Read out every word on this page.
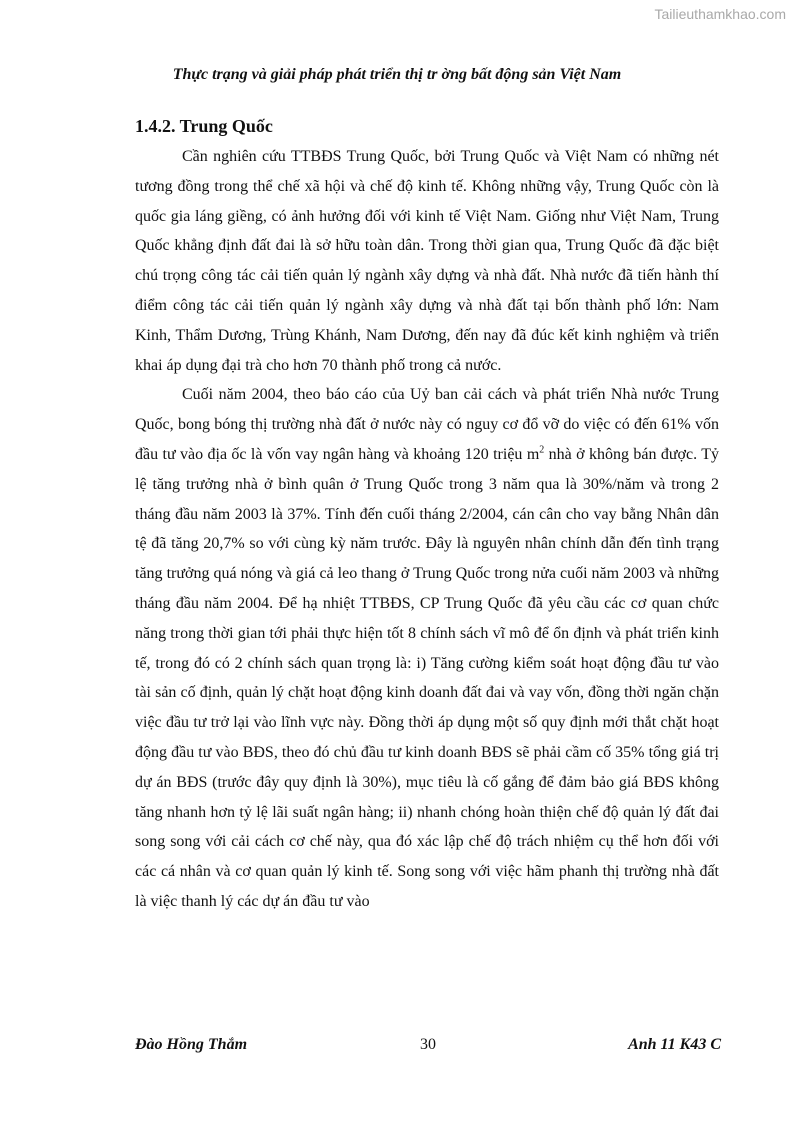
Tailieuthamkhao.com
Thực trạng và giải pháp phát triển thị tr ờng bất động sản Việt Nam
1.4.2. Trung Quốc

Cần nghiên cứu TTBĐS Trung Quốc, bởi Trung Quốc và Việt Nam có những nét tương đồng trong thể chế xã hội và chế độ kinh tế. Không những vậy, Trung Quốc còn là quốc gia láng giềng, có ảnh hưởng đối với kinh tế Việt Nam. Giống như Việt Nam, Trung Quốc khẳng định đất đai là sở hữu toàn dân. Trong thời gian qua, Trung Quốc đã đặc biệt chú trọng công tác cải tiến quản lý ngành xây dựng và nhà đất. Nhà nước đã tiến hành thí điểm công tác cải tiến quản lý ngành xây dựng và nhà đất tại bốn thành phố lớn: Nam Kinh, Thẩm Dương, Trùng Khánh, Nam Dương, đến nay đã đúc kết kinh nghiệm và triển khai áp dụng đại trà cho hơn 70 thành phố trong cả nước.

Cuối năm 2004, theo báo cáo của Uỷ ban cải cách và phát triển Nhà nước Trung Quốc, bong bóng thị trường nhà đất ở nước này có nguy cơ đổ vỡ do việc có đến 61% vốn đầu tư vào địa ốc là vốn vay ngân hàng và khoảng 120 triệu $m^2$ nhà ở không bán được. Tỷ lệ tăng trưởng nhà ở bình quân ở Trung Quốc trong 3 năm qua là 30%/năm và trong 2 tháng đầu năm 2003 là 37%. Tính đến cuối tháng 2/2004, cán cân cho vay bằng Nhân dân tệ đã tăng 20,7% so với cùng kỳ năm trước. Đây là nguyên nhân chính dẫn đến tình trạng tăng trưởng quá nóng và giá cả leo thang ở Trung Quốc trong nửa cuối năm 2003 và những tháng đầu năm 2004. Để hạ nhiệt TTBĐS, CP Trung Quốc đã yêu cầu các cơ quan chức năng trong thời gian tới phải thực hiện tốt 8 chính sách vĩ mô để ổn định và phát triển kinh tế, trong đó có 2 chính sách quan trọng là: i) Tăng cường kiểm soát hoạt động đầu tư vào tài sản cố định, quản lý chặt hoạt động kinh doanh đất đai và vay vốn, đồng thời ngăn chặn việc đầu tư trở lại vào lĩnh vực này. Đồng thời áp dụng một số quy định mới thắt chặt hoạt động đầu tư vào BĐS, theo đó chủ đầu tư kinh doanh BĐS sẽ phải cầm cố 35% tổng giá trị dự án BĐS (trước đây quy định là 30%), mục tiêu là cố gắng để đảm bảo giá BĐS không tăng nhanh hơn tỷ lệ lãi suất ngân hàng; ii) nhanh chóng hoàn thiện chế độ quản lý đất đai song song với cải cách cơ chế này, qua đó xác lập chế độ trách nhiệm cụ thể hơn đối với các cá nhân và cơ quan quản lý kinh tế. Song song với việc hãm phanh thị trường nhà đất là việc thanh lý các dự án đầu tư vào

Đào Hồng Thắm	30	Anh 11 K43 C
